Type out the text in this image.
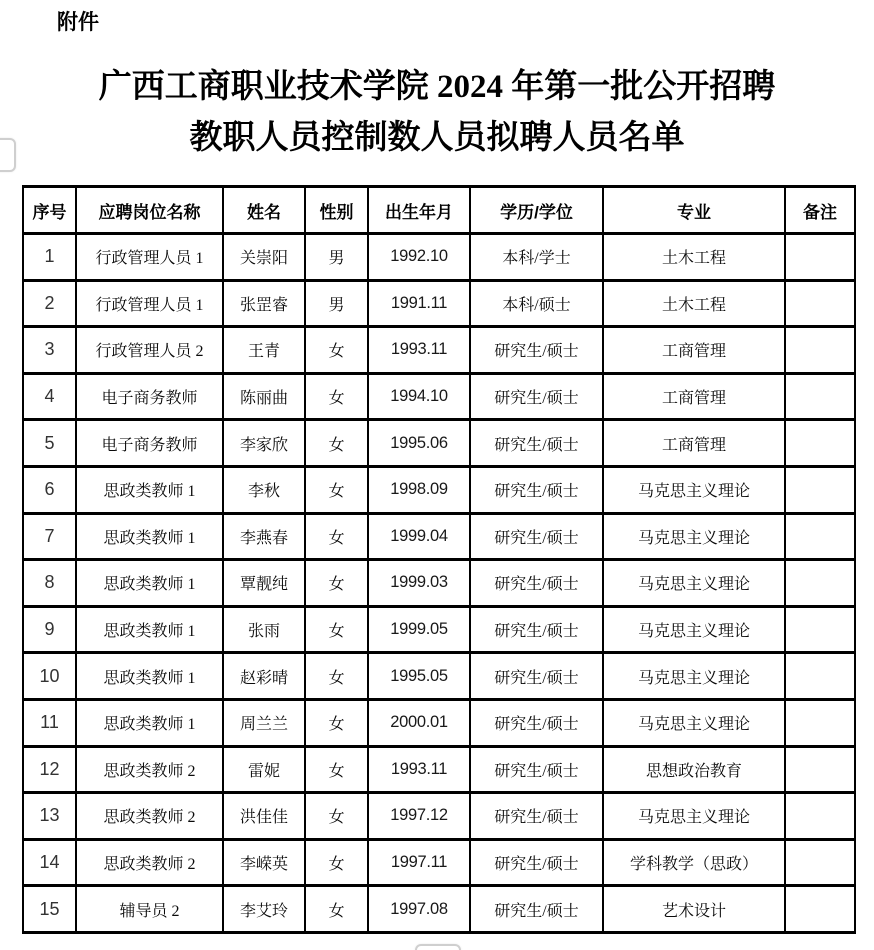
附件
广西工商职业技术学院 2024 年第一批公开招聘
教职人员控制数人员拟聘人员名单
序号	应聘岗位名称	姓名	性别	出生年月	学历/学位	专业	备注
1	行政管理人员 1	关崇阳	男	1992.10	本科/学士	土木工程	
2	行政管理人员 1	张罡睿	男	1991.11	本科/硕士	土木工程	
3	行政管理人员 2	王青	女	1993.11	研究生/硕士	工商管理	
4	电子商务教师	陈丽曲	女	1994.10	研究生/硕士	工商管理	
5	电子商务教师	李家欣	女	1995.06	研究生/硕士	工商管理	
6	思政类教师 1	李秋	女	1998.09	研究生/硕士	马克思主义理论	
7	思政类教师 1	李燕春	女	1999.04	研究生/硕士	马克思主义理论	
8	思政类教师 1	覃靓纯	女	1999.03	研究生/硕士	马克思主义理论	
9	思政类教师 1	张雨	女	1999.05	研究生/硕士	马克思主义理论	
10	思政类教师 1	赵彩晴	女	1995.05	研究生/硕士	马克思主义理论	
11	思政类教师 1	周兰兰	女	2000.01	研究生/硕士	马克思主义理论	
12	思政类教师 2	雷妮	女	1993.11	研究生/硕士	思想政治教育	
13	思政类教师 2	洪佳佳	女	1997.12	研究生/硕士	马克思主义理论	
14	思政类教师 2	李嵘英	女	1997.11	研究生/硕士	学科教学（思政）	
15	辅导员 2	李艾玲	女	1997.08	研究生/硕士	艺术设计	
